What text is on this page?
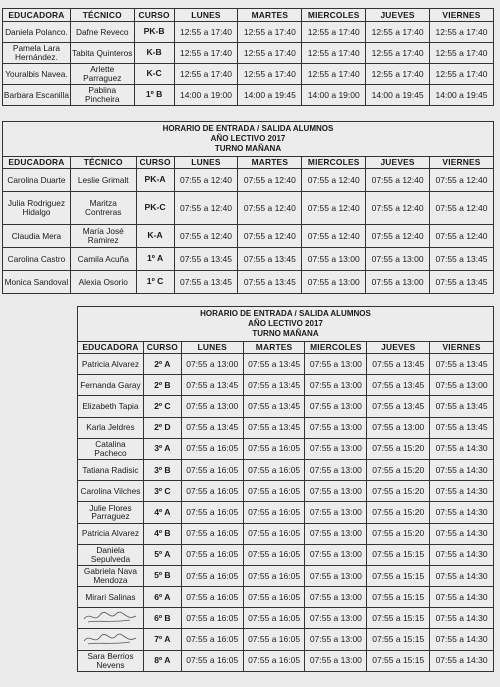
EDUCADORA	TÉCNICO	CURSO	LUNES	MARTES	MIERCOLES	JUEVES	VIERNES
Daniela Polanco.	Dafne Reveco	PK-B	12:55 a 17:40	12:55 a 17:40	12:55 a 17:40	12:55 a 17:40	12:55 a 17:40
Pamela Lara Hernández.	Tabita Quinteros	K-B	12:55 a 17:40	12:55 a 17:40	12:55 a 17:40	12:55 a 17:40	12:55 a 17:40
Youralbis Navea.	Arlette Parraguez	K-C	12:55 a 17:40	12:55 a 17:40	12:55 a 17:40	12:55 a 17:40	12:55 a 17:40
Barbara Escanilla	Pablina Pincheira	1º B	14:00 a 19:00	14:00 a 19:45	14:00 a 19:00	14:00 a 19:45	14:00 a 19:45
HORARIO DE ENTRADA / SALIDA ALUMNOS
AÑO LECTIVO 2017
TURNO MAÑANA							

EDUCADORA	TÉCNICO	CURSO	LUNES	MARTES	MIERCOLES	JUEVES	VIERNES
Carolina Duarte	Leslie Grimalt	PK-A	07:55 a 12:40	07:55 a 12:40	07:55 a 12:40	07:55 a 12:40	07:55 a 12:40
Julia Rodriguez Hidalgo	Maritza Contreras	PK-C	07:55 a 12:40	07:55 a 12:40	07:55 a 12:40	07:55 a 12:40	07:55 a 12:40
Claudia Mera	María José Ramirez	K-A	07:55 a 12:40	07:55 a 12:40	07:55 a 12:40	07:55 a 12:40	07:55 a 12:40
Carolina Castro	Camila Acuña	1º A	07:55 a 13:45	07:55 a 13:45	07:55 a 13:00	07:55 a 13:00	07:55 a 13:45
Monica Sandoval	Alexia Osorio	1º C	07:55 a 13:45	07:55 a 13:45	07:55 a 13:00	07:55 a 13:00	07:55 a 13:45
HORARIO DE ENTRADA / SALIDA ALUMNOS
AÑO LECTIVO 2017
TURNO MAÑANA						

EDUCADORA	CURSO	LUNES	MARTES	MIERCOLES	JUEVES	VIERNES
Patricia Alvarez	2º A	07:55 a 13:00	07:55 a 13:45	07:55 a 13:00	07:55 a 13:45	07:55 a 13:45
Fernanda Garay	2º B	07:55 a 13:45	07:55 a 13:45	07:55 a 13:00	07:55 a 13:45	07:55 a 13:00
Elizabeth Tapia	2º C	07:55 a 13:00	07:55 a 13:45	07:55 a 13:00	07:55 a 13:45	07:55 a 13:45
Karla Jeldres	2º D	07:55 a 13:45	07:55 a 13:45	07:55 a 13:00	07:55 a 13:00	07:55 a 13:45
Catalina Pacheco	3º A	07:55 a 16:05	07:55 a 16:05	07:55 a 13:00	07:55 a 15:20	07:55 a 14:30
Tatiana Radisic	3º B	07:55 a 16:05	07:55 a 16:05	07:55 a 13:00	07:55 a 15:20	07:55 a 14:30
Carolina Vilches	3º C	07:55 a 16:05	07:55 a 16:05	07:55 a 13:00	07:55 a 15:20	07:55 a 14:30
Julie Flores Parraguez	4º A	07:55 a 16:05	07:55 a 16:05	07:55 a 13:00	07:55 a 15:20	07:55 a 14:30
Patricia Alvarez	4º B	07:55 a 16:05	07:55 a 16:05	07:55 a 13:00	07:55 a 15:20	07:55 a 14:30
Daniela Sepulveda	5º A	07:55 a 16:05	07:55 a 16:05	07:55 a 13:00	07:55 a 15:15	07:55 a 14:30
Gabriela Nava Mendoza	5º B	07:55 a 16:05	07:55 a 16:05	07:55 a 13:00	07:55 a 15:15	07:55 a 14:30
Mirari Salinas	6º A	07:55 a 16:05	07:55 a 16:05	07:55 a 13:00	07:55 a 15:15	07:55 a 14:30
	6º B	07:55 a 16:05	07:55 a 16:05	07:55 a 13:00	07:55 a 15:15	07:55 a 14:30
	7º A	07:55 a 16:05	07:55 a 16:05	07:55 a 13:00	07:55 a 15:15	07:55 a 14:30
Sara Berrios Nevens	8º A	07:55 a 16:05	07:55 a 16:05	07:55 a 13:00	07:55 a 15:15	07:55 a 14:30
